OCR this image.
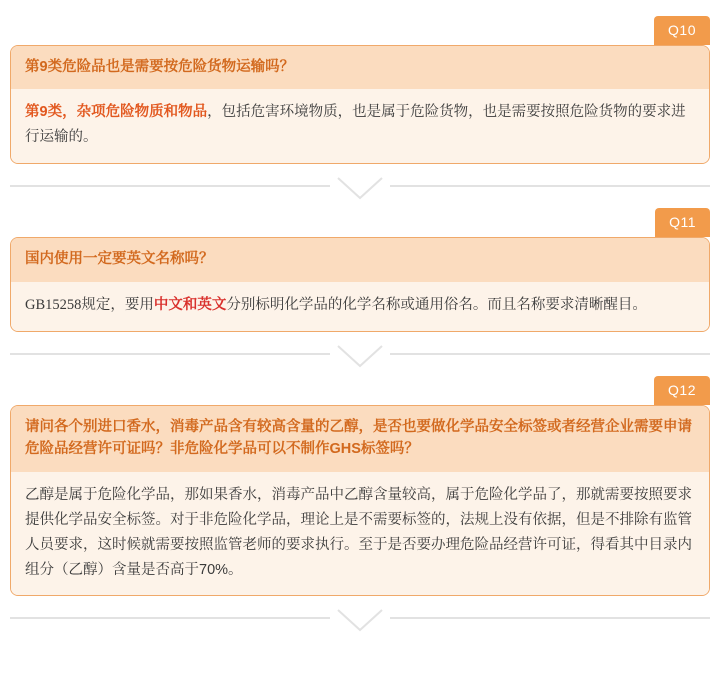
Q10
第9类危险品也是需要按危险货物运输吗？
第9类，杂项危险物质和物品，包括危害环境物质，也是属于危险货物，也是需要按照危险货物的要求进行运输的。
Q11
国内使用一定要英文名称吗？
GB15258规定，要用中文和英文分别标明化学品的化学名称或通用俗名。而且名称要求清晰醒目。
Q12
请问各个别进口香水，消毒产品含有较高含量的乙醇，是否也要做化学品安全标签或者经营企业需要申请危险品经营许可证吗？非危险化学品可以不制作GHS标签吗？
乙醇是属于危险化学品，那如果香水，消毒产品中乙醇含量较高，属于危险化学品了，那就需要按照要求提供化学品安全标签。对于非危险化学品，理论上是不需要标签的，法规上没有依据，但是不排除有监管人员要求，这时候就需要按照监管老师的要求执行。至于是否要办理危险品经营许可证，得看其中目录内组分（乙醇）含量是否高于70%。
